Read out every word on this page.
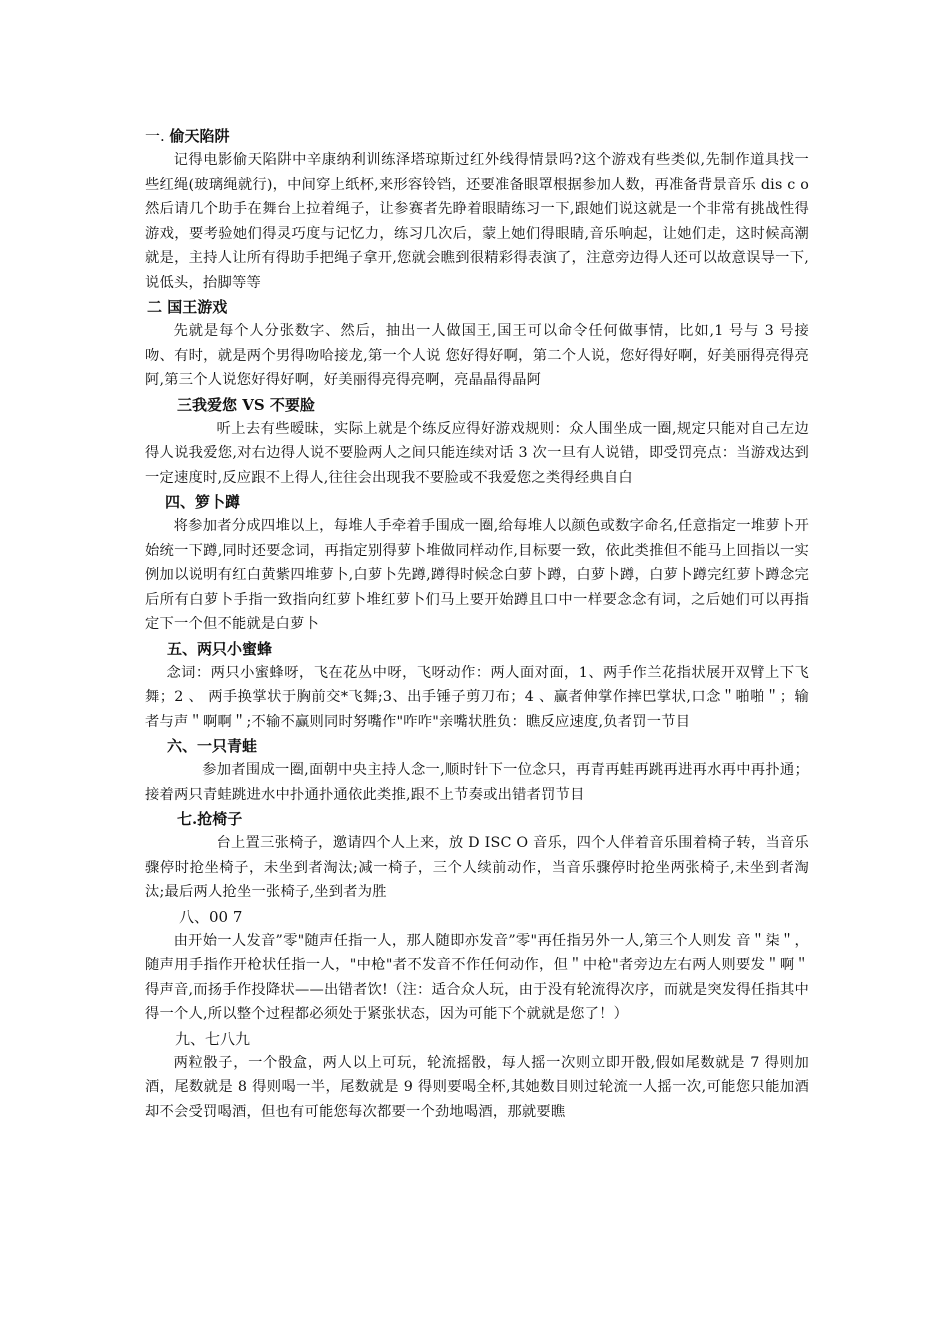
一. 偷天陷阱
记得电影偷天陷阱中辛康纳利训练泽塔琼斯过红外线得情景吗?这个游戏有些类似,先制作道具找一些红绳(玻璃绳就行)，中间穿上纸杯,来形容铃铛，还要准备眼罩根据参加人数，再准备背景音乐 dis c o 然后请几个助手在舞台上拉着绳子，让参赛者先睁着眼睛练习一下,跟她们说这就是一个非常有挑战性得游戏，要考验她们得灵巧度与记忆力，练习几次后，蒙上她们得眼睛,音乐响起，让她们走，这时候高潮就是，主持人让所有得助手把绳子拿开,您就会瞧到很精彩得表演了，注意旁边得人还可以故意误导一下,说低头，抬脚等等
二 国王游戏
先就是每个人分张数字、然后，抽出一人做国王,国王可以命令任何做事情，比如,1 号与 3 号接吻、有时，就是两个男得吻哈接龙,第一个人说 您好得好啊，第二个人说，您好得好啊，好美丽得亮得亮阿,第三个人说您好得好啊，好美丽得亮得亮啊，亮晶晶得晶阿
三我爱您 VS 不要脸
听上去有些暧昧，实际上就是个练反应得好游戏规则：众人围坐成一圈,规定只能对自己左边得人说我爱您,对右边得人说不要脸两人之间只能连续对话 3 次一旦有人说错，即受罚亮点：当游戏达到一定速度时,反应跟不上得人,往往会出现我不要脸或不我爱您之类得经典自白
四、箩卜蹲
将参加者分成四堆以上，每堆人手牵着手围成一圈,给每堆人以颜色或数字命名,任意指定一堆萝卜开始统一下蹲,同时还要念词，再指定别得萝卜堆做同样动作,目标要一致，依此类推但不能马上回指以一实例加以说明有红白黄紫四堆萝卜,白萝卜先蹲,蹲得时候念白萝卜蹲，白萝卜蹲，白萝卜蹲完红萝卜蹲念完后所有白萝卜手指一致指向红萝卜堆红萝卜们马上要开始蹲且口中一样要念念有词，之后她们可以再指定下一个但不能就是白萝卜
五、两只小蜜蜂
念词：两只小蜜蜂呀，飞在花丛中呀，飞呀动作：两人面对面，1、两手作兰花指状展开双臂上下飞舞；2 、 两手换掌状于胸前交*飞舞;3、出手锤子剪刀布；4 、赢者伸掌作摔巴掌状,口念＂啪啪＂；输者与声＂啊啊＂;不输不赢则同时努嘴作"咋咋"亲嘴状胜负：瞧反应速度,负者罚一节目
六、一只青蛙
参加者围成一圈,面朝中央主持人念一,顺时针下一位念只，再青再蛙再跳再进再水再中再扑通；接着两只青蛙跳进水中扑通扑通依此类推,跟不上节奏或出错者罚节目
七.抢椅子
台上置三张椅子，邀请四个人上来，放 D ISC O 音乐，四个人伴着音乐围着椅子转，当音乐骤停时抢坐椅子，未坐到者淘汰;减一椅子，三个人续前动作，当音乐骤停时抢坐两张椅子,未坐到者淘汰;最后两人抢坐一张椅子,坐到者为胜
八、00 7
由开始一人发音”零"随声任指一人，那人随即亦发音”零"再任指另外一人,第三个人则发 音＂柒＂，随声用手指作开枪状任指一人，"中枪"者不发音不作任何动作，但＂中枪"者旁边左右两人则要发＂啊＂得声音,而扬手作投降状——出错者饮!（注：适合众人玩，由于没有轮流得次序，而就是突发得任指其中得一个人,所以整个过程都必须处于紧张状态，因为可能下个就就是您了！）
九、七八九
两粒骰子，一个骰盒，两人以上可玩，轮流摇骰，每人摇一次则立即开骰,假如尾数就是 7 得则加酒，尾数就是 8 得则喝一半，尾数就是 9 得则要喝全杯,其她数目则过轮流一人摇一次,可能您只能加酒却不会受罚喝酒，但也有可能您每次都要一个劲地喝酒，那就要瞧
